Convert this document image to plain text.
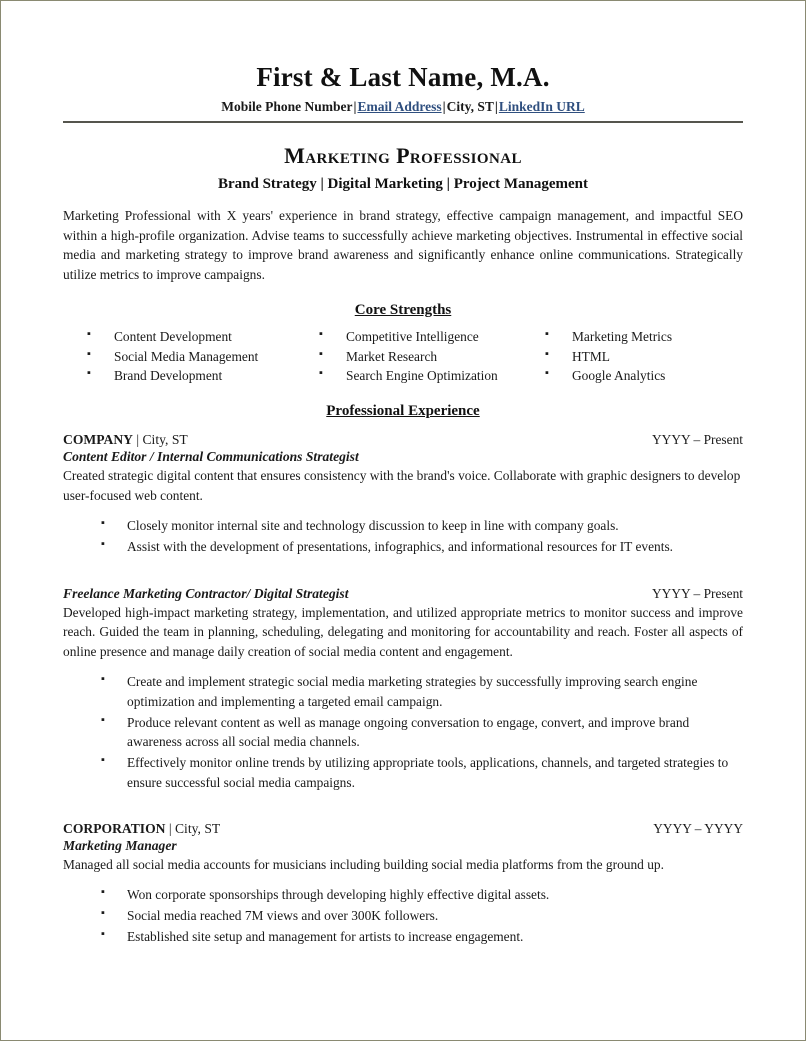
First & Last Name, M.A.
Mobile Phone Number|Email Address|City, ST|LinkedIn URL
Marketing Professional
Brand Strategy | Digital Marketing | Project Management
Marketing Professional with X years' experience in brand strategy, effective campaign management, and impactful SEO within a high-profile organization. Advise teams to successfully achieve marketing objectives. Instrumental in effective social media and marketing strategy to improve brand awareness and significantly enhance online communications. Strategically utilize metrics to improve campaigns.
Core Strengths
▪ Content Development
▪ Social Media Management
▪ Brand Development
▪ Competitive Intelligence
▪ Market Research
▪ Search Engine Optimization
▪ Marketing Metrics
▪ HTML
▪ Google Analytics
Professional Experience
COMPANY | City, ST	YYYY – Present
Content Editor / Internal Communications Strategist
Created strategic digital content that ensures consistency with the brand's voice. Collaborate with graphic designers to develop user-focused web content.
▪ Closely monitor internal site and technology discussion to keep in line with company goals.
▪ Assist with the development of presentations, infographics, and informational resources for IT events.
Freelance Marketing Contractor/ Digital Strategist	YYYY – Present
Developed high-impact marketing strategy, implementation, and utilized appropriate metrics to monitor success and improve reach. Guided the team in planning, scheduling, delegating and monitoring for accountability and reach. Foster all aspects of online presence and manage daily creation of social media content and engagement.
▪ Create and implement strategic social media marketing strategies by successfully improving search engine optimization and implementing a targeted email campaign.
▪ Produce relevant content as well as manage ongoing conversation to engage, convert, and improve brand awareness across all social media channels.
▪ Effectively monitor online trends by utilizing appropriate tools, applications, channels, and targeted strategies to ensure successful social media campaigns.
CORPORATION | City, ST	YYYY – YYYY
Marketing Manager
Managed all social media accounts for musicians including building social media platforms from the ground up.
▪ Won corporate sponsorships through developing highly effective digital assets.
▪ Social media reached 7M views and over 300K followers.
▪ Established site setup and management for artists to increase engagement.
